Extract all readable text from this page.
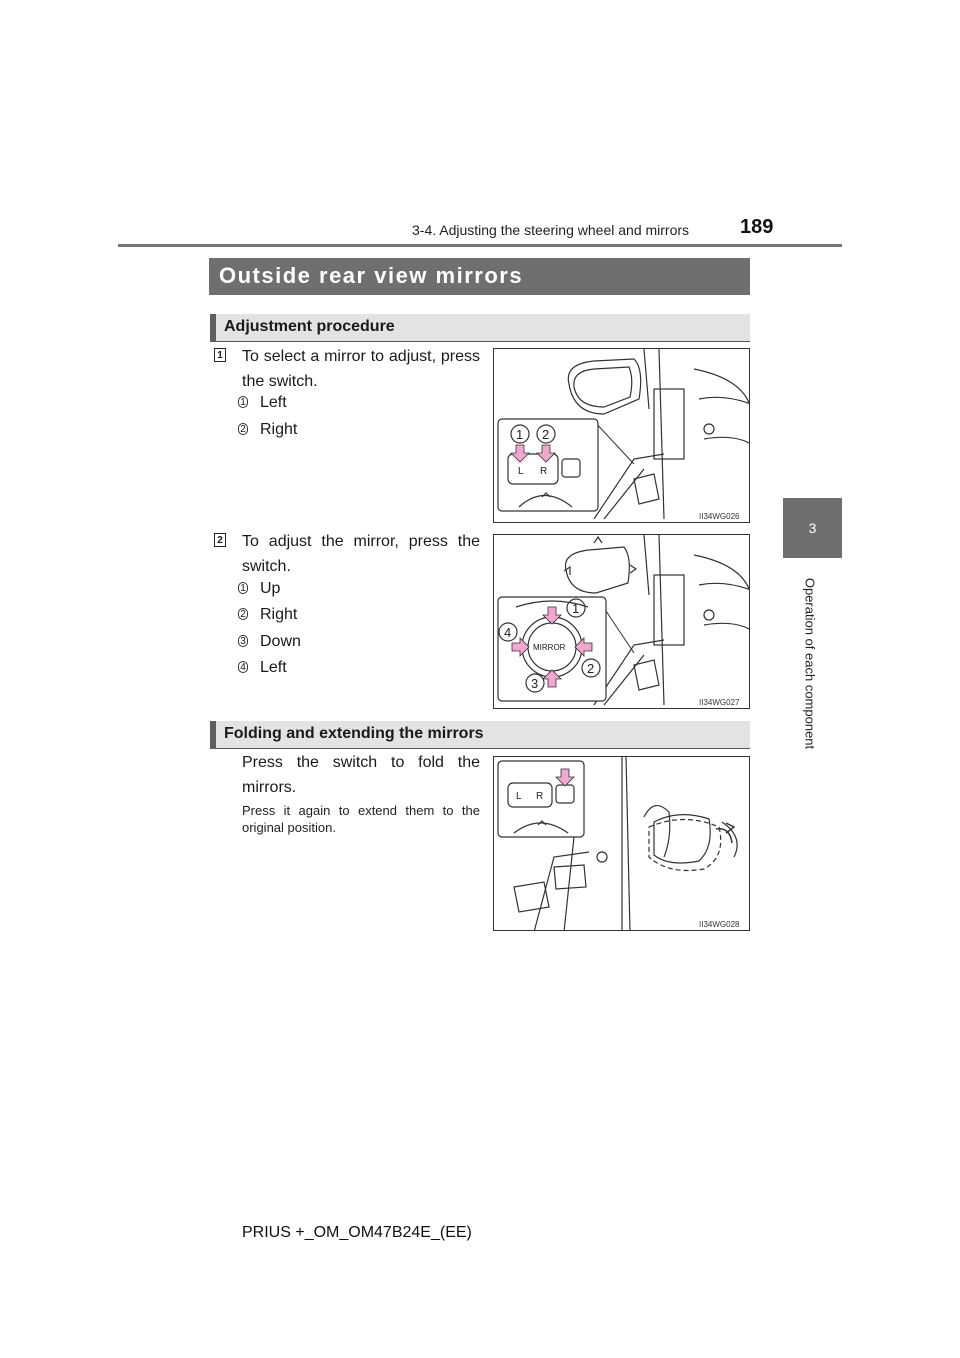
3-4. Adjusting the steering wheel and mirrors	189
3
Operation of each component
Outside rear view mirrors
Adjustment procedure
1 To select a mirror to adjust, press the switch.
1 Left
2 Right	1 2
L R
II34WG026
2 To adjust the mirror, press the switch.
1 Up
2 Right
3 Down
4 Left
MIRROR
1
2
3
4
II34WG027
Folding and extending the mirrors
Press the switch to fold the mirrors.
Press it again to extend them to the original position.
L R
II34WG028
PRIUS +_OM_OM47B24E_(EE)
